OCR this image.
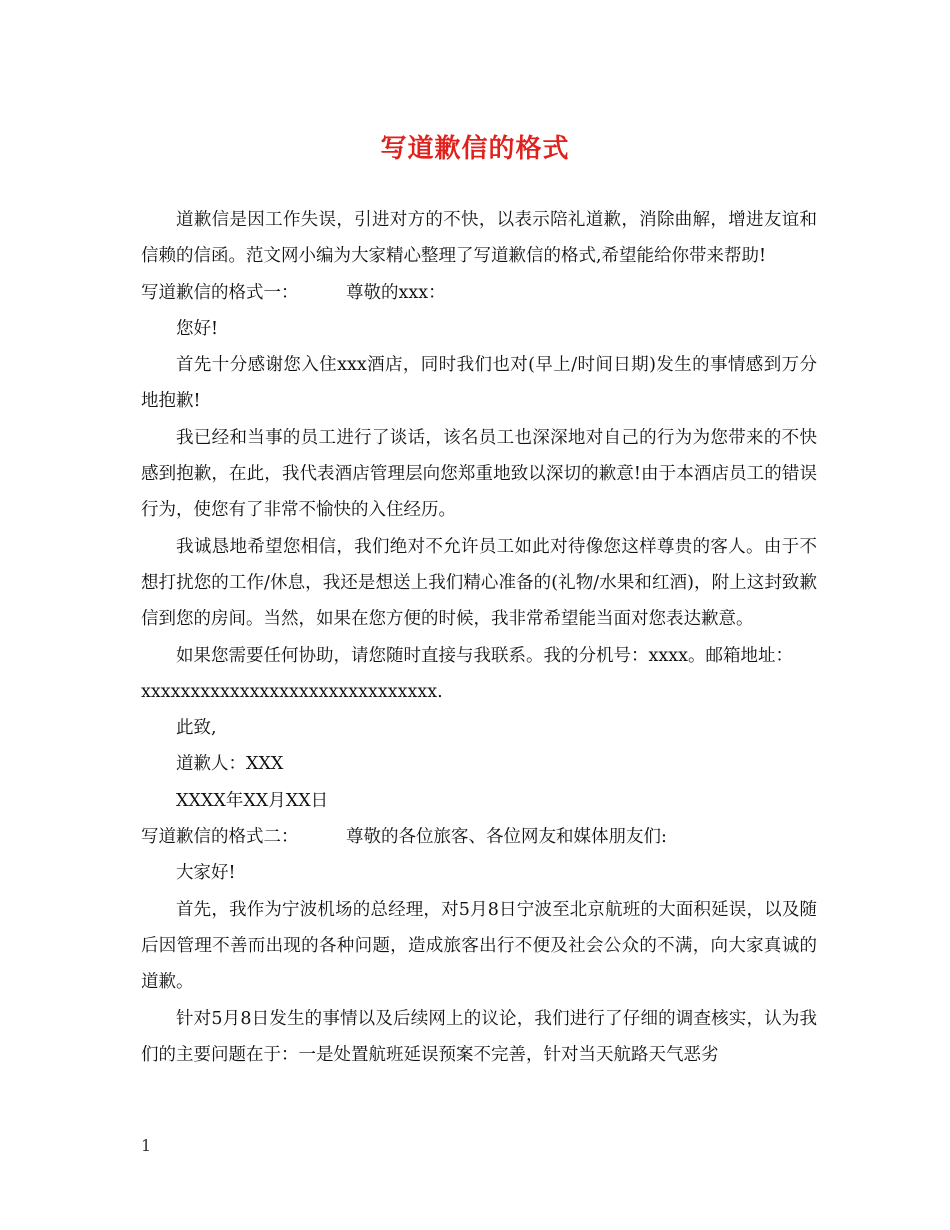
写道歉信的格式

道歉信是因工作失误，引进对方的不快，以表示陪礼道歉，消除曲解，增进友谊和信赖的信函。范文网小编为大家精心整理了写道歉信的格式,希望能给你带来帮助!

写道歉信的格式一：	尊敬的xxx：

您好!

首先十分感谢您入住xxx酒店，同时我们也对(早上/时间日期)发生的事情感到万分地抱歉!

我已经和当事的员工进行了谈话，该名员工也深深地对自己的行为为您带来的不快感到抱歉，在此，我代表酒店管理层向您郑重地致以深切的歉意!由于本酒店员工的错误行为，使您有了非常不愉快的入住经历。

我诚恳地希望您相信，我们绝对不允许员工如此对待像您这样尊贵的客人。由于不想打扰您的工作/休息，我还是想送上我们精心准备的(礼物/水果和红酒)，附上这封致歉信到您的房间。当然，如果在您方便的时候，我非常希望能当面对您表达歉意。

如果您需要任何协助，请您随时直接与我联系。我的分机号：xxxx。邮箱地址：

xxxxxxxxxxxxxxxxxxxxxxxxxxxxxx.

此致,

道歉人：XXX

XXXX年XX月XX日

写道歉信的格式二：	尊敬的各位旅客、各位网友和媒体朋友们:

大家好!

首先，我作为宁波机场的总经理，对5月8日宁波至北京航班的大面积延误，以及随后因管理不善而出现的各种问题，造成旅客出行不便及社会公众的不满，向大家真诚的道歉。

针对5月8日发生的事情以及后续网上的议论，我们进行了仔细的调查核实，认为我们的主要问题在于：一是处置航班延误预案不完善，针对当天航路天气恶劣

1
